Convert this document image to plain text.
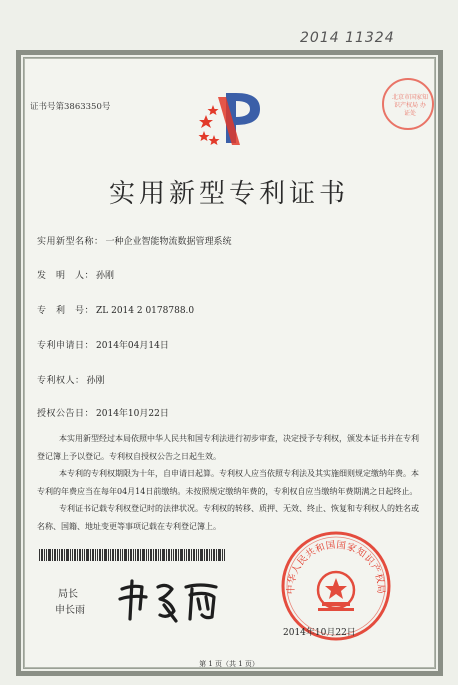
2014 11324
证书号第3863350号
北京市国家知识产权局 办证处
实用新型专利证书
实用新型名称： 一种企业智能物流数据管理系统
发　明　人： 孙刚
专　利　号： ZL 2014 2 0178788.0
专利申请日： 2014年04月14日
专利权人： 孙刚
授权公告日： 2014年10月22日

本实用新型经过本局依照中华人民共和国专利法进行初步审查，决定授予专利权，颁发本证书并在专利登记簿上予以登记。专利权自授权公告之日起生效。

本专利的专利权期限为十年，自申请日起算。专利权人应当依照专利法及其实施细则规定缴纳年费。本专利的年费应当在每年04月14日前缴纳。未按照规定缴纳年费的，专利权自应当缴纳年费期满之日起终止。

专利证书记载专利权登记时的法律状况。专利权的转移、质押、无效、终止、恢复和专利权人的姓名或名称、国籍、地址变更等事项记载在专利登记簿上。

局长
申长雨
中华人民共和国国家知识产权局
2014年10月22日
第 1 页（共 1 页）
